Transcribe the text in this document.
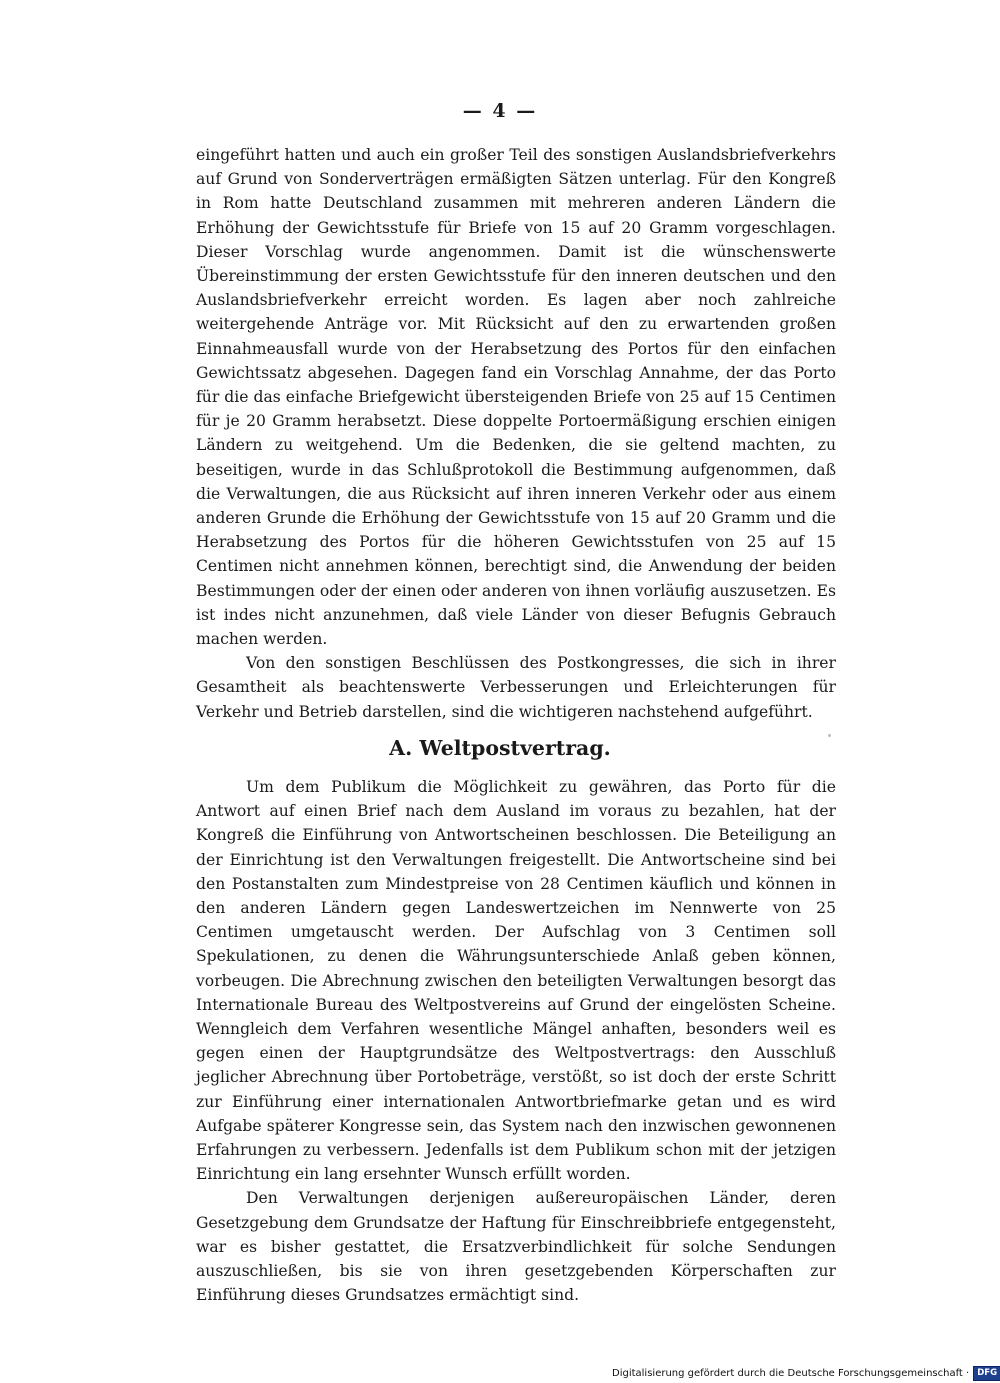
— 4 —

eingeführt hatten und auch ein großer Teil des sonstigen Auslandsbriefverkehrs auf Grund von Sonderverträgen ermäßigten Sätzen unterlag. Für den Kongreß in Rom hatte Deutschland zusammen mit mehreren anderen Ländern die Erhöhung der Gewichtsstufe für Briefe von 15 auf 20 Gramm vorgeschlagen. Dieser Vorschlag wurde angenommen. Damit ist die wünschenswerte Übereinstimmung der ersten Gewichtsstufe für den inneren deutschen und den Auslandsbriefverkehr erreicht worden. Es lagen aber noch zahlreiche weitergehende Anträge vor. Mit Rücksicht auf den zu erwartenden großen Einnahmeausfall wurde von der Herabsetzung des Portos für den einfachen Gewichtssatz abgesehen. Dagegen fand ein Vorschlag Annahme, der das Porto für die das einfache Briefgewicht übersteigenden Briefe von 25 auf 15 Centimen für je 20 Gramm herabsetzt. Diese doppelte Portoermäßigung erschien einigen Ländern zu weitgehend. Um die Bedenken, die sie geltend machten, zu beseitigen, wurde in das Schlußprotokoll die Bestimmung aufgenommen, daß die Verwaltungen, die aus Rücksicht auf ihren inneren Verkehr oder aus einem anderen Grunde die Erhöhung der Gewichtsstufe von 15 auf 20 Gramm und die Herabsetzung des Portos für die höheren Gewichtsstufen von 25 auf 15 Centimen nicht annehmen können, berechtigt sind, die Anwendung der beiden Bestimmungen oder der einen oder anderen von ihnen vorläufig auszusetzen. Es ist indes nicht anzunehmen, daß viele Länder von dieser Befugnis Gebrauch machen werden.

Von den sonstigen Beschlüssen des Postkongresses, die sich in ihrer Gesamtheit als beachtenswerte Verbesserungen und Erleichterungen für Verkehr und Betrieb darstellen, sind die wichtigeren nachstehend aufgeführt.

A. Weltpostvertrag.

Um dem Publikum die Möglichkeit zu gewähren, das Porto für die Antwort auf einen Brief nach dem Ausland im voraus zu bezahlen, hat der Kongreß die Einführung von Antwortscheinen beschlossen. Die Beteiligung an der Einrichtung ist den Verwaltungen freigestellt. Die Antwortscheine sind bei den Postanstalten zum Mindestpreise von 28 Centimen käuflich und können in den anderen Ländern gegen Landeswertzeichen im Nennwerte von 25 Centimen umgetauscht werden. Der Aufschlag von 3 Centimen soll Spekulationen, zu denen die Währungsunterschiede Anlaß geben können, vorbeugen. Die Abrechnung zwischen den beteiligten Verwaltungen besorgt das Internationale Bureau des Weltpostvereins auf Grund der eingelösten Scheine. Wenngleich dem Verfahren wesentliche Mängel anhaften, besonders weil es gegen einen der Hauptgrundsätze des Weltpostvertrags: den Ausschluß jeglicher Abrechnung über Portobeträge, verstößt, so ist doch der erste Schritt zur Einführung einer internationalen Antwortbriefmarke getan und es wird Aufgabe späterer Kongresse sein, das System nach den inzwischen gewonnenen Erfahrungen zu verbessern. Jedenfalls ist dem Publikum schon mit der jetzigen Einrichtung ein lang ersehnter Wunsch erfüllt worden.

Den Verwaltungen derjenigen außereuropäischen Länder, deren Gesetzgebung dem Grundsatze der Haftung für Einschreibbriefe entgegensteht, war es bisher gestattet, die Ersatzverbindlichkeit für solche Sendungen auszuschließen, bis sie von ihren gesetzgebenden Körperschaften zur Einführung dieses Grundsatzes ermächtigt sind.

Digitalisierung gefördert durch die Deutsche Forschungsgemeinschaft · DFG
